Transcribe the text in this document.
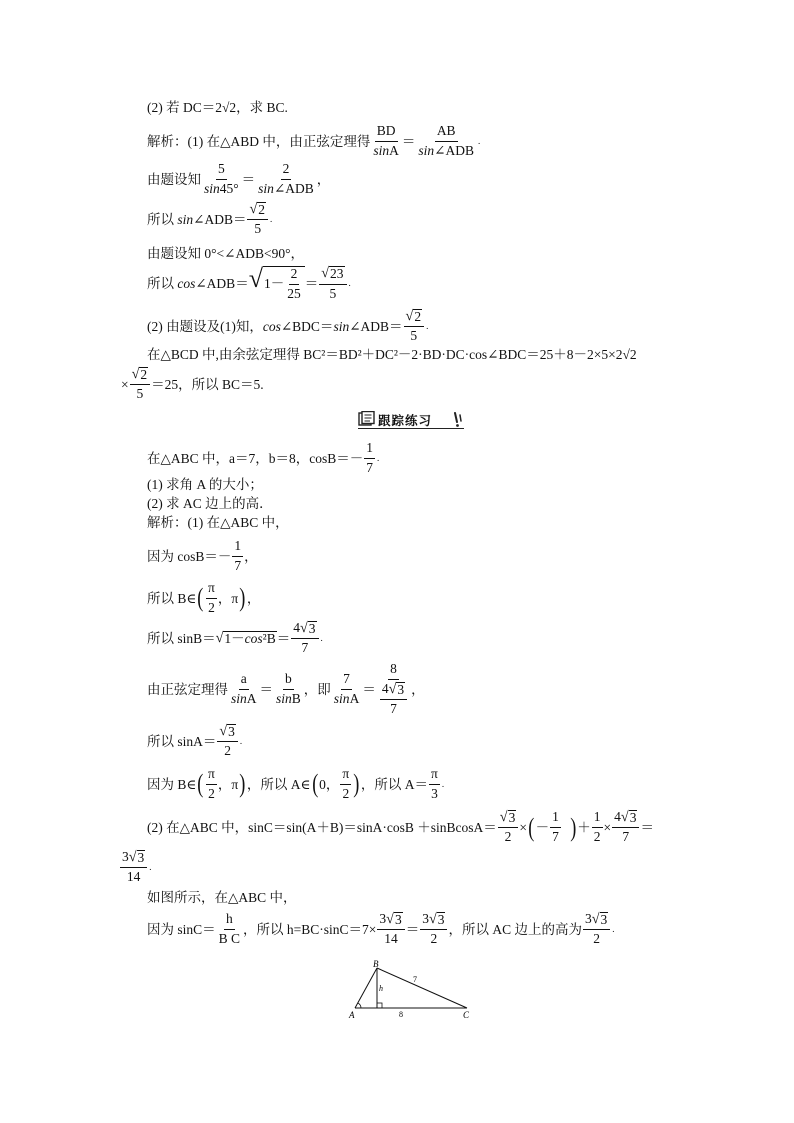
(2) 若 DC＝2√2，求 BC.
解析：(1) 在△ABD 中，由正弦定理得 $\frac{BD}{\sin A} = \frac{AB}{\text{sin∠ADB}}$ .
由题设知 $\frac{5}{\sin 45^\circ} = \frac{2}{\text{sin∠ADB}}$ ，
所以 sin∠ADB＝ $\frac{√ 2}{5}$ .
由题设知 0°<∠ADB<90°，
所以 cos∠ADB＝ √ $1- \frac{2}{25} = \frac{√ 23}{5}$ .
(2) 由题设及(1)知， cos∠BDC＝sin∠ADB＝ $\frac{√ 2}{5}$ .
在△BCD 中,由余弦定理得 BC²＝BD²＋DC²－2·BD·DC·cos∠BDC＝25＋8－2×5×2√2
× $\frac{√ 2}{5} =25$，所以 BC＝5.
跟踪练习
在△ABC 中，a＝7，b＝8，$\cos B=- \frac{1}{7}$ .
(1) 求角 A 的大小；
(2) 求 AC 边上的高．
解析：(1) 在△ABC 中，
因为 $\cos B=- \frac{1}{7}$ ，
所以 B∈ ( $\frac{\pi}{2}$ ，π ) ，
所以 sinB＝ √ $1-\cos^2B = \frac{4 √ 3}{7}$ .
由正弦定理得 $\frac{a}{\sin A} = \frac{b}{\sin B}$ ，即 $\frac{7}{\sin A} = \frac{8}{\frac{4 √ 3}{7}}$ ，
所以 $\sin A= \frac{√ 3}{2}$ .
因为 B∈ ( $\frac{\pi}{2}$ ，π ) ，所以 A∈ ( 0， $\frac{\pi}{2}$ ) ，所以 $A= \frac{\pi}{3}$ .
(2) 在△ABC 中，sinC＝sin(A＋B)＝sinA·cosB ＋sinBcosA＝ $\frac{√ 3}{2}$ × ( － $\frac{1}{7}$
) ＋ $\frac{1}{2} \times \frac{4 √ 3}{7}$ ＝
$\frac{3 √ 3}{14}$ .
如图所示，在△ABC 中，
因为 $\sin C= \frac{h}{\text{B C}}$ ，所以 $h=BC\cdot\sin C=7\times \frac{3 √ 3}{14} = \frac{3 √ 3}{2}$ ，所以 AC 边上的高为 $\frac{3 √ 3}{2}$ .
B
A	C
h
7
8
